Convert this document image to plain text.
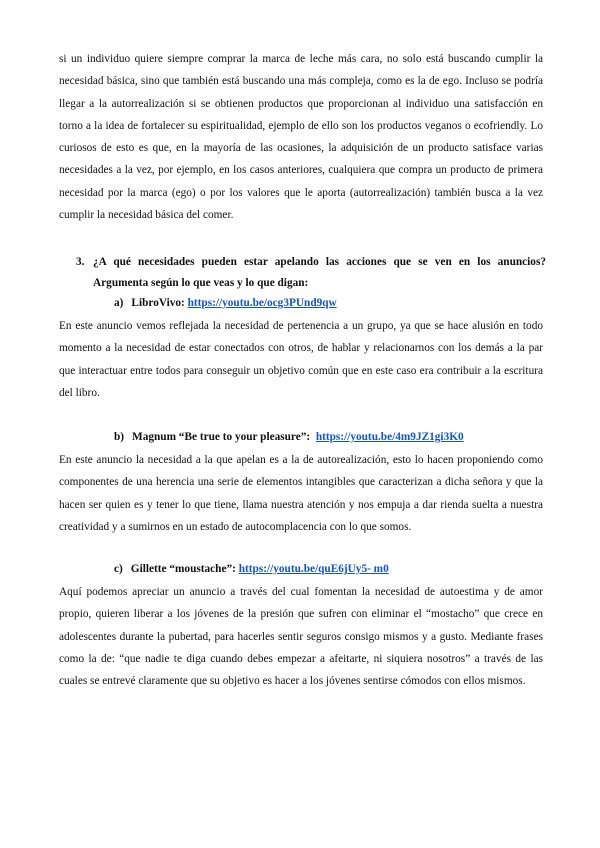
si un individuo quiere siempre comprar la marca de leche más cara, no solo está buscando cumplir la necesidad básica, sino que también está buscando una más compleja, como es la de ego. Incluso se podría llegar a la autorrealización si se obtienen productos que proporcionan al individuo una satisfacción en torno a la idea de fortalecer su espiritualidad, ejemplo de ello son los productos veganos o ecofriendly. Lo curiosos de esto es que, en la mayoría de las ocasiones, la adquisición de un producto satisface varias necesidades a la vez, por ejemplo, en los casos anteriores, cualquiera que compra un producto de primera necesidad por la marca (ego) o por los valores que le aporta (autorrealización) también busca a la vez cumplir la necesidad básica del comer.

3. ¿A qué necesidades pueden estar apelando las acciones que se ven en los anuncios? Argumenta según lo que veas y lo que digan:
a) LibroVivo: https://youtu.be/ocg3PUnd9qw

En este anuncio vemos reflejada la necesidad de pertenencia a un grupo, ya que se hace alusión en todo momento a la necesidad de estar conectados con otros, de hablar y relacionarnos con los demás a la par que interactuar entre todos para conseguir un objetivo común que en este caso era contribuir a la escritura del libro.

b) Magnum “Be true to your pleasure”: https://youtu.be/4m9JZ1gi3K0

En este anuncio la necesidad a la que apelan es a la de autorealización, esto lo hacen proponiendo como componentes de una herencia una serie de elementos intangibles que caracterizan a dicha señora y que la hacen ser quien es y tener lo que tiene, llama nuestra atención y nos empuja a dar rienda suelta a nuestra creatividad y a sumirnos en un estado de autocomplacencia con lo que somos.

c) Gillette “moustache”: https://youtu.be/quE6jUy5- m0

Aquí podemos apreciar un anuncio a través del cual fomentan la necesidad de autoestima y de amor propio, quieren liberar a los jóvenes de la presión que sufren con eliminar el “mostacho” que crece en adolescentes durante la pubertad, para hacerles sentir seguros consigo mismos y a gusto. Mediante frases como la de: “que nadie te diga cuando debes empezar a afeitarte, ni siquiera nosotros” a través de las cuales se entrevé claramente que su objetivo es hacer a los jóvenes sentirse cómodos con ellos mismos.
